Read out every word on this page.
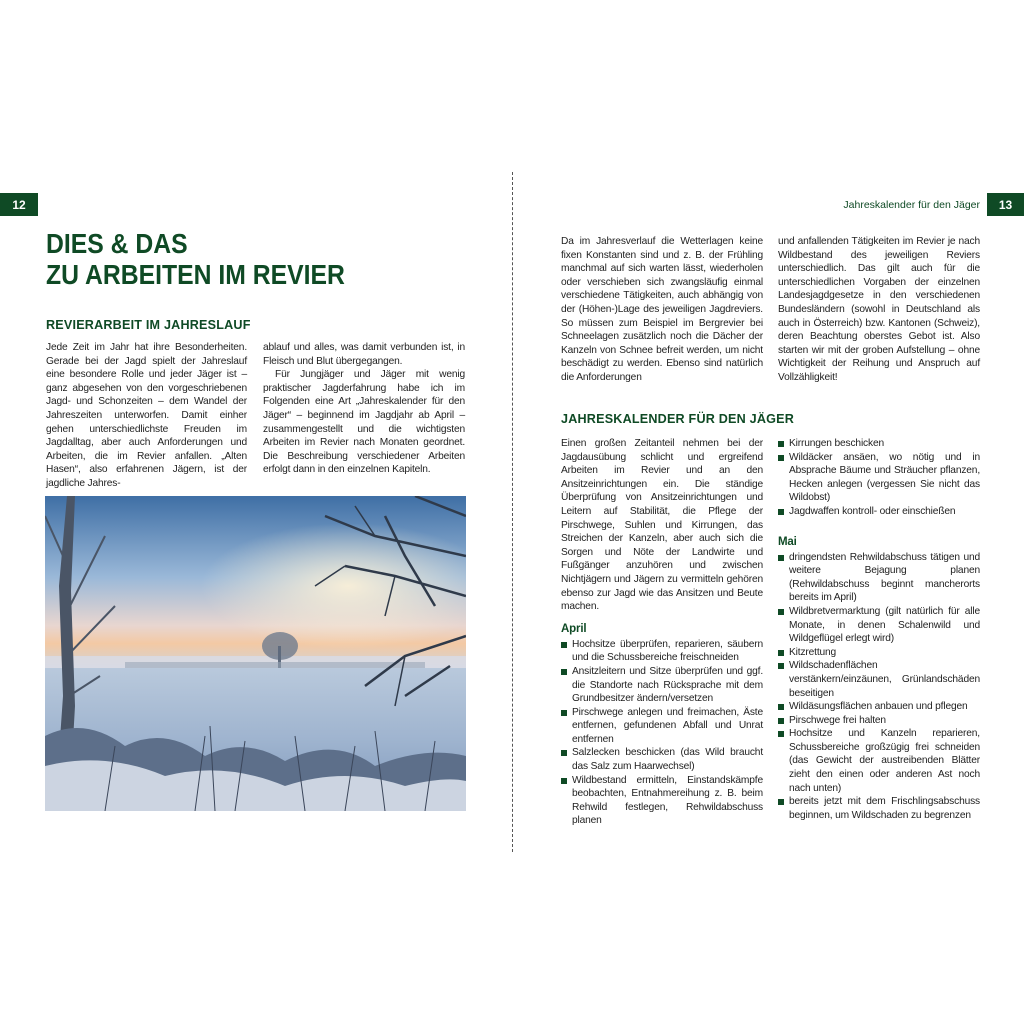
12	13
Jahreskalender für den Jäger
DIES & DAS
ZU ARBEITEN IM REVIER
REVIERARBEIT IM JAHRESLAUF

Jede Zeit im Jahr hat ihre Besonderheiten. Gerade bei der Jagd spielt der Jahreslauf eine besondere Rolle und jeder Jäger ist – ganz abgesehen von den vorgeschriebenen Jagd- und Schonzeiten – dem Wandel der Jahreszeiten unterworfen. Damit einher gehen unterschiedlichste Freuden im Jagdalltag, aber auch Anforderungen und Arbeiten, die im Revier anfallen. „Alten Hasen“, also erfahrenen Jägern, ist der jagdliche Jahres-

ablauf und alles, was damit verbunden ist, in Fleisch und Blut übergegangen.

Für Jungjäger und Jäger mit wenig praktischer Jagderfahrung habe ich im Folgenden eine Art „Jahreskalender für den Jäger“ – beginnend im Jagdjahr ab April – zusammengestellt und die wichtigsten Arbeiten im Revier nach Monaten geordnet. Die Beschreibung verschiedener Arbeiten erfolgt dann in den einzelnen Kapiteln.

Da im Jahresverlauf die Wetterlagen keine fixen Konstanten sind und z. B. der Frühling manchmal auf sich warten lässt, wiederholen oder verschieben sich zwangsläufig einmal verschiedene Tätigkeiten, auch abhängig von der (Höhen-)Lage des jeweiligen Jagdreviers. So müssen zum Beispiel im Bergrevier bei Schneelagen zusätzlich noch die Dächer der Kanzeln von Schnee befreit werden, um nicht beschädigt zu werden. Ebenso sind natürlich die Anforderungen

und anfallenden Tätigkeiten im Revier je nach Wildbestand des jeweiligen Reviers unterschiedlich. Das gilt auch für die unterschiedlichen Vorgaben der einzelnen Landesjagdgesetze in den verschiedenen Bundesländern (sowohl in Deutschland als auch in Österreich) bzw. Kantonen (Schweiz), deren Beachtung oberstes Gebot ist. Also starten wir mit der groben Aufstellung – ohne Wichtigkeit der Reihung und Anspruch auf Vollzähligkeit!

JAHRESKALENDER FÜR DEN JÄGER

Einen großen Zeitanteil nehmen bei der Jagdausübung schlicht und ergreifend Arbeiten im Revier und an den Ansitzeinrichtungen ein. Die ständige Überprüfung von Ansitzeinrichtungen und Leitern auf Stabilität, die Pflege der Pirschwege, Suhlen und Kirrungen, das Streichen der Kanzeln, aber auch sich die Sorgen und Nöte der Landwirte und Fußgänger anzuhören und zwischen Nichtjägern und Jägern zu vermitteln gehören ebenso zur Jagd wie das Ansitzen und Beute machen.

April
Hochsitze überprüfen, reparieren, säubern und die Schussbereiche freischneiden
Ansitzleitern und Sitze überprüfen und ggf. die Standorte nach Rücksprache mit dem Grundbesitzer ändern/versetzen
Pirschwege anlegen und freimachen, Äste entfernen, gefundenen Abfall und Unrat entfernen
Salzlecken beschicken (das Wild braucht das Salz zum Haarwechsel)
Wildbestand ermitteln, Einstandskämpfe beobachten, Entnahmereihung z. B. beim Rehwild festlegen, Rehwildabschuss planen
Kirrungen beschicken
Wildäcker ansäen, wo nötig und in Absprache Bäume und Sträucher pflanzen, Hecken anlegen (vergessen Sie nicht das Wildobst)
Jagdwaffen kontroll- oder einschießen
Mai
dringendsten Rehwildabschuss tätigen und weitere Bejagung planen (Rehwildabschuss beginnt mancherorts bereits im April)
Wildbretvermarktung (gilt natürlich für alle Monate, in denen Schalenwild und Wildgeflügel erlegt wird)
Kitzrettung
Wildschadenflächen verstänkern/einzäunen, Grünlandschäden beseitigen
Wildäsungsflächen anbauen und pflegen
Pirschwege frei halten
Hochsitze und Kanzeln reparieren, Schussbereiche großzügig frei schneiden (das Gewicht der austreibenden Blätter zieht den einen oder anderen Ast noch nach unten)
bereits jetzt mit dem Frischlingsabschuss beginnen, um Wildschaden zu begrenzen
